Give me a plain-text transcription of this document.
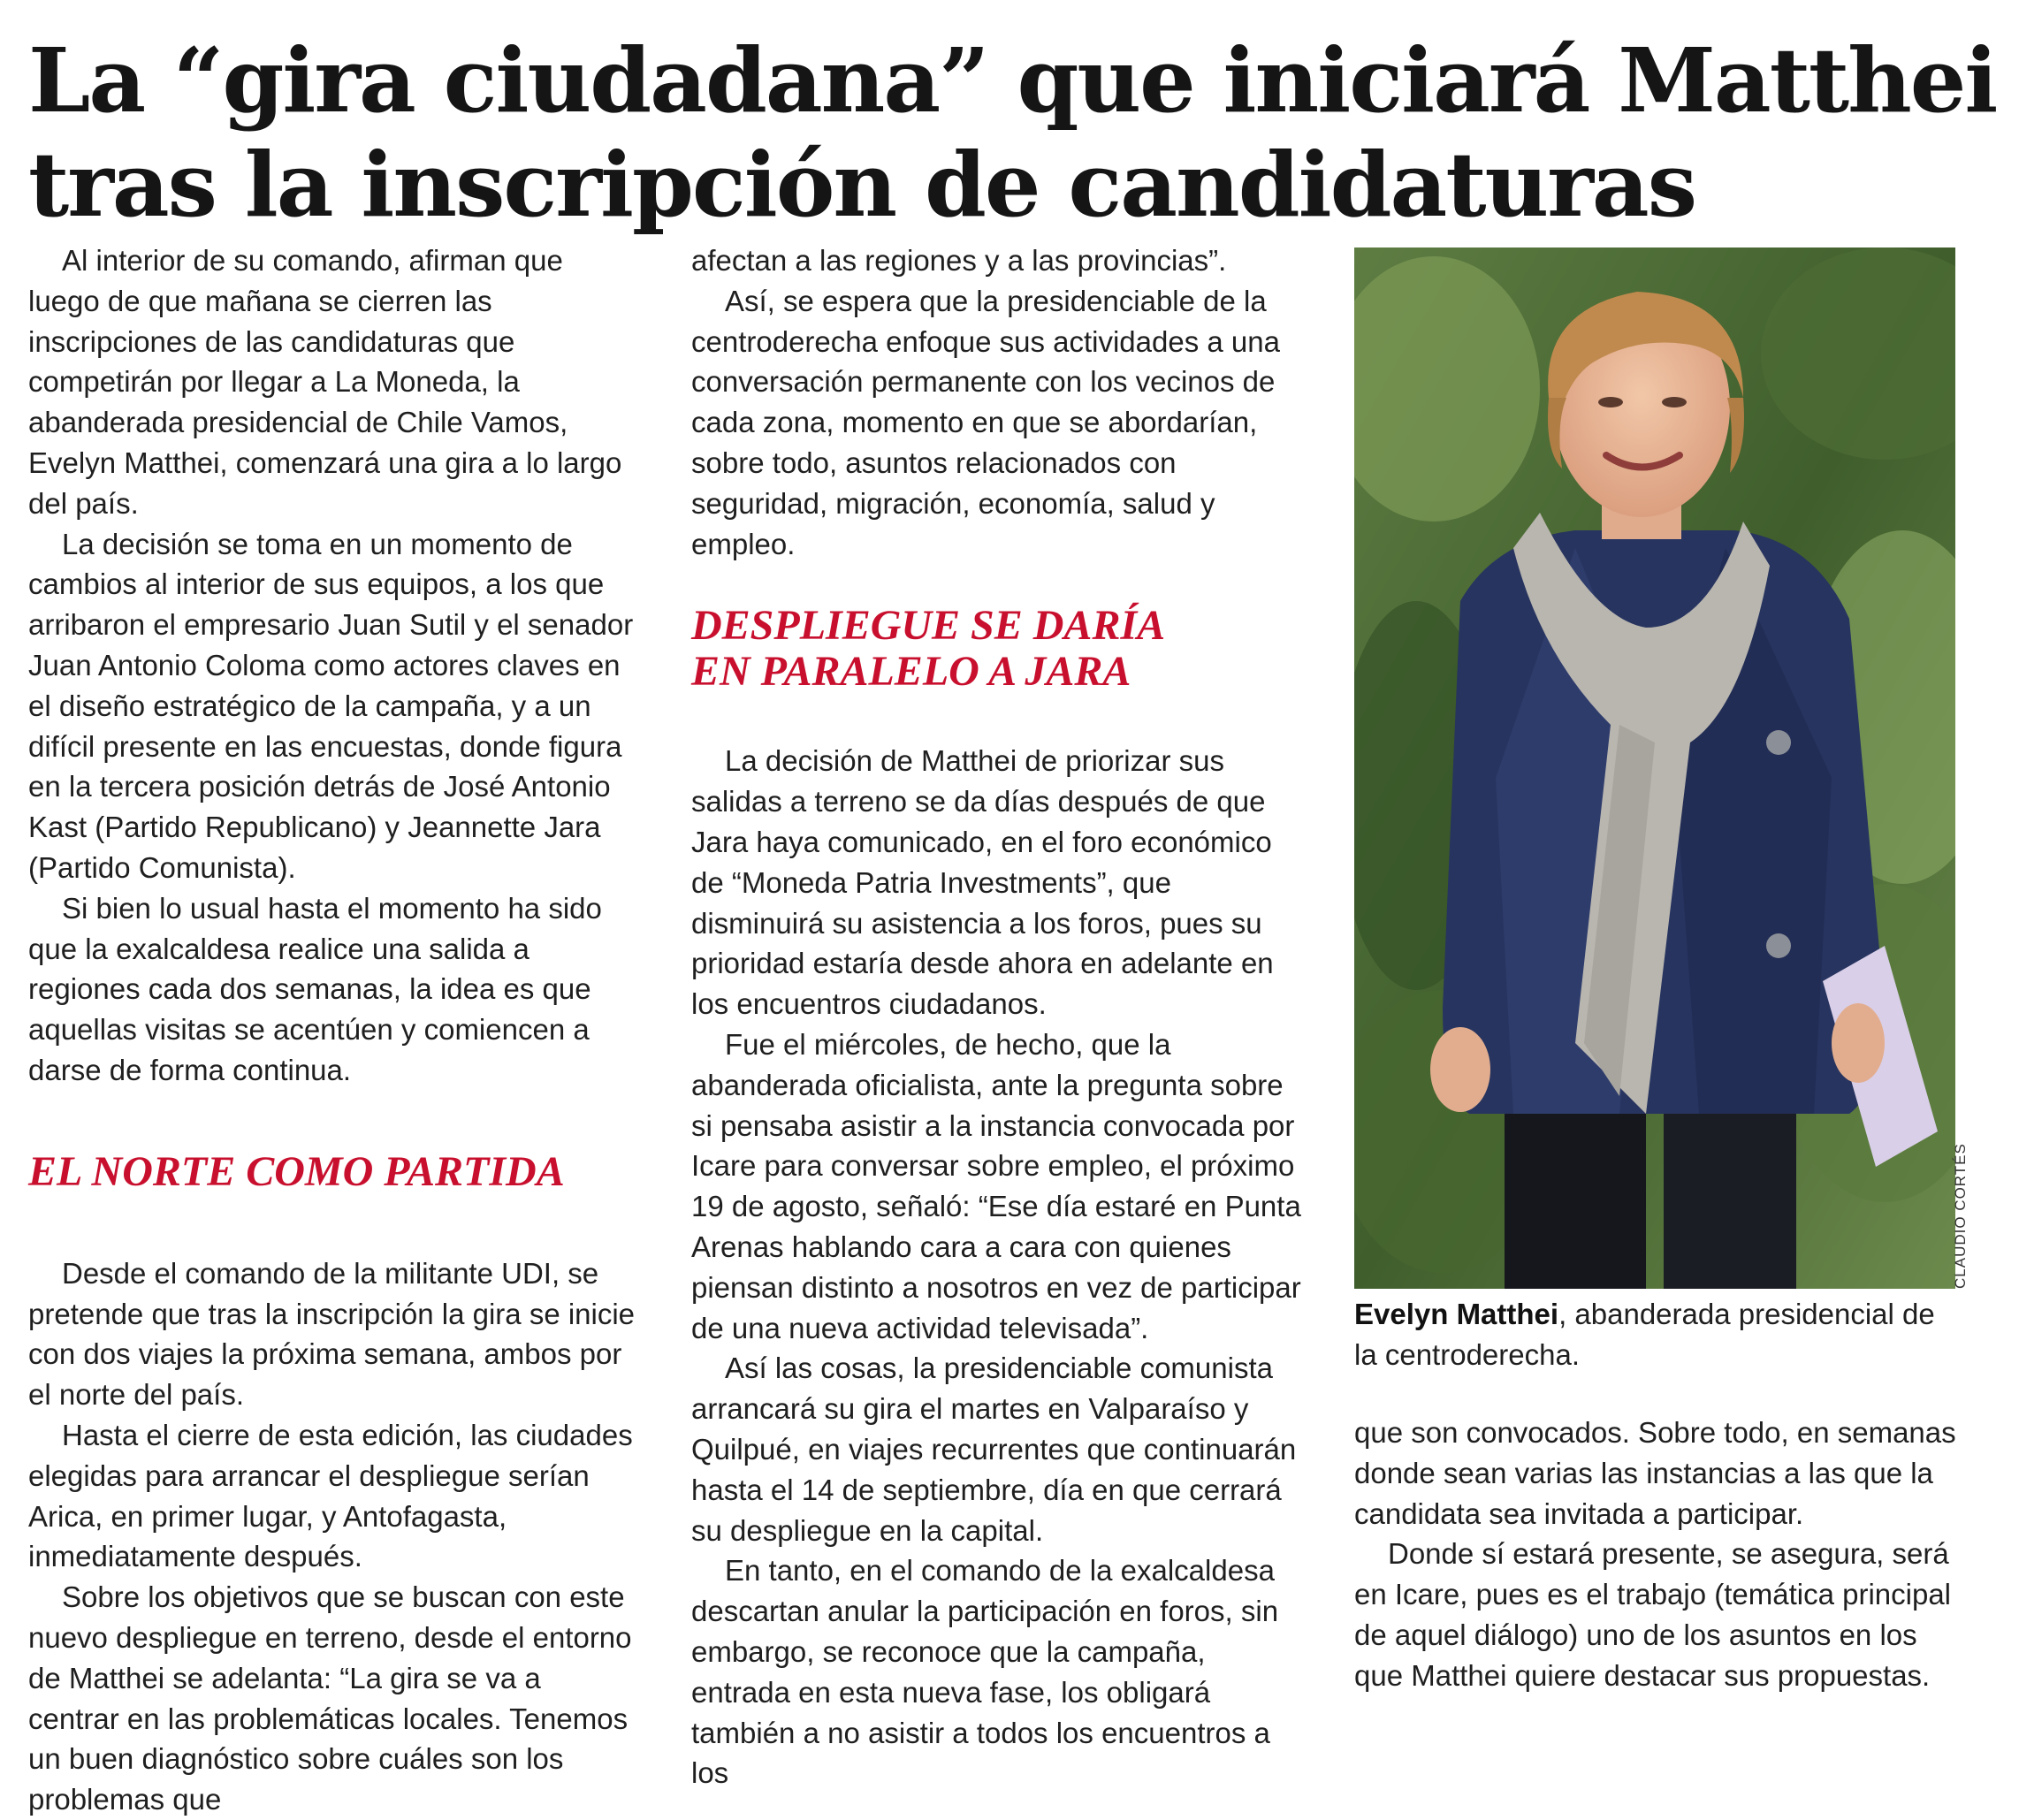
La “gira ciudadana” que iniciará Matthei
tras la inscripción de candidaturas

Al interior de su comando, afirman que luego de que mañana se cierren las inscripciones de las candidaturas que competirán por llegar a La Moneda, la abanderada presidencial de Chile Vamos, Evelyn Matthei, comenzará una gira a lo largo del país.

La decisión se toma en un momento de cambios al interior de sus equipos, a los que arribaron el empresario Juan Sutil y el senador Juan Antonio Coloma como actores claves en el diseño estratégico de la campaña, y a un difícil presente en las encuestas, donde figura en la tercera posición detrás de José Antonio Kast (Partido Republicano) y Jeannette Jara (Partido Comunista).

Si bien lo usual hasta el momento ha sido que la exalcaldesa realice una salida a regiones cada dos semanas, la idea es que aquellas visitas se acentúen y comiencen a darse de forma continua.

EL NORTE COMO PARTIDA

Desde el comando de la militante UDI, se pretende que tras la inscripción la gira se inicie con dos viajes la próxima semana, ambos por el norte del país.

Hasta el cierre de esta edición, las ciudades elegidas para arrancar el despliegue serían Arica, en primer lugar, y Antofagasta, inmediatamente después.

Sobre los objetivos que se buscan con este nuevo despliegue en terreno, desde el entorno de Matthei se adelanta: “La gira se va a centrar en las problemáticas locales. Tenemos un buen diagnóstico sobre cuáles son los problemas que

afectan a las regiones y a las provincias”.

Así, se espera que la presidenciable de la centroderecha enfoque sus actividades a una conversación permanente con los vecinos de cada zona, momento en que se abordarían, sobre todo, asuntos relacionados con seguridad, migración, economía, salud y empleo.

DESPLIEGUE SE DARÍA
EN PARALELO A JARA

La decisión de Matthei de priorizar sus salidas a terreno se da días después de que Jara haya comunicado, en el foro económico de “Moneda Patria Investments”, que disminuirá su asistencia a los foros, pues su prioridad estaría desde ahora en adelante en los encuentros ciudadanos.

Fue el miércoles, de hecho, que la abanderada oficialista, ante la pregunta sobre si pensaba asistir a la instancia convocada por Icare para conversar sobre empleo, el próximo 19 de agosto, señaló: “Ese día estaré en Punta Arenas hablando cara a cara con quienes piensan distinto a nosotros en vez de participar de una nueva actividad televisada”.

Así las cosas, la presidenciable comunista arrancará su gira el martes en Valparaíso y Quilpué, en viajes recurrentes que continuarán hasta el 14 de septiembre, día en que cerrará su despliegue en la capital.

En tanto, en el comando de la exalcaldesa descartan anular la participación en foros, sin embargo, se reconoce que la campaña, entrada en esta nueva fase, los obligará también a no asistir a todos los encuentros a los

CLAUDIO CORTÉS

Evelyn Matthei, abanderada presidencial de la centroderecha.

que son convocados. Sobre todo, en semanas donde sean varias las instancias a las que la candidata sea invitada a participar.

Donde sí estará presente, se asegura, será en Icare, pues es el trabajo (temática principal de aquel diálogo) uno de los asuntos en los que Matthei quiere destacar sus propuestas.
